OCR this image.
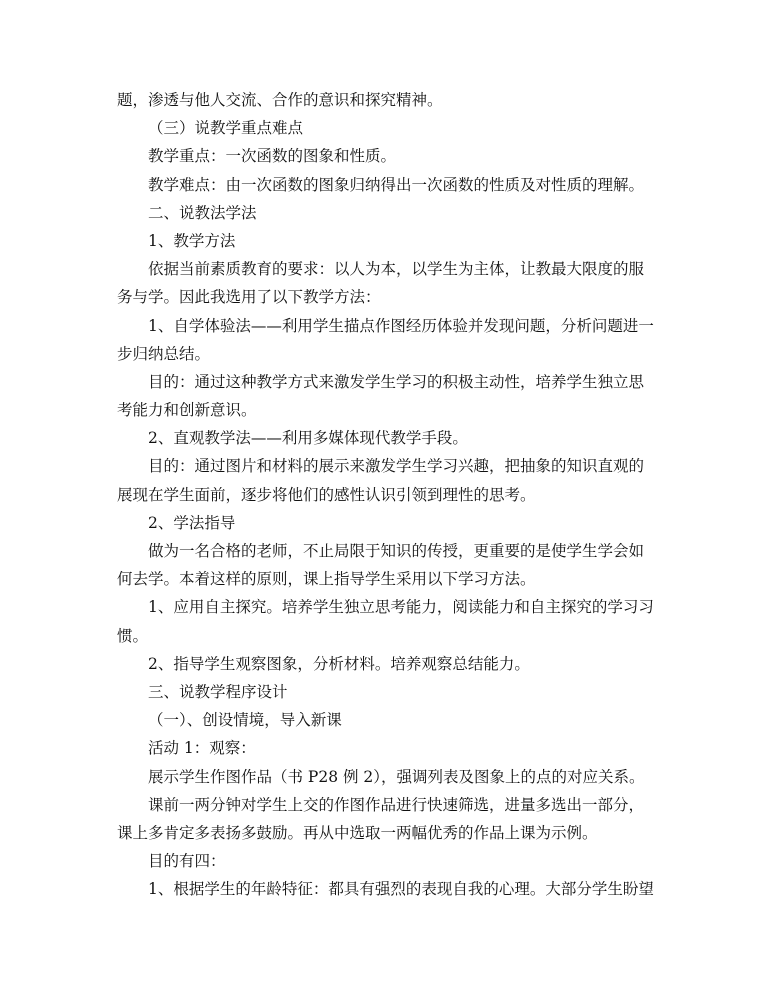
题，渗透与他人交流、合作的意识和探究精神。
（三）说教学重点难点
教学重点：一次函数的图象和性质。
教学难点：由一次函数的图象归纳得出一次函数的性质及对性质的理解。
二、说教法学法
1、教学方法
依据当前素质教育的要求：以人为本，以学生为主体，让教最大限度的服
务与学。因此我选用了以下教学方法：
1、自学体验法——利用学生描点作图经历体验并发现问题，分析问题进一
步归纳总结。
目的：通过这种教学方式来激发学生学习的积极主动性，培养学生独立思
考能力和创新意识。
2、直观教学法——利用多媒体现代教学手段。
目的：通过图片和材料的展示来激发学生学习兴趣，把抽象的知识直观的
展现在学生面前，逐步将他们的感性认识引领到理性的思考。
2、学法指导
做为一名合格的老师，不止局限于知识的传授，更重要的是使学生学会如
何去学。本着这样的原则，课上指导学生采用以下学习方法。
1、应用自主探究。培养学生独立思考能力，阅读能力和自主探究的学习习
惯。
2、指导学生观察图象，分析材料。培养观察总结能力。
三、说教学程序设计
（一）、创设情境，导入新课
活动 1：观察：
展示学生作图作品（书 P28 例 2），强调列表及图象上的点的对应关系。
课前一两分钟对学生上交的作图作品进行快速筛选，进量多选出一部分，
课上多肯定多表扬多鼓励。再从中选取一两幅优秀的作品上课为示例。
目的有四：
1、根据学生的年龄特征：都具有强烈的表现自我的心理。大部分学生盼望
